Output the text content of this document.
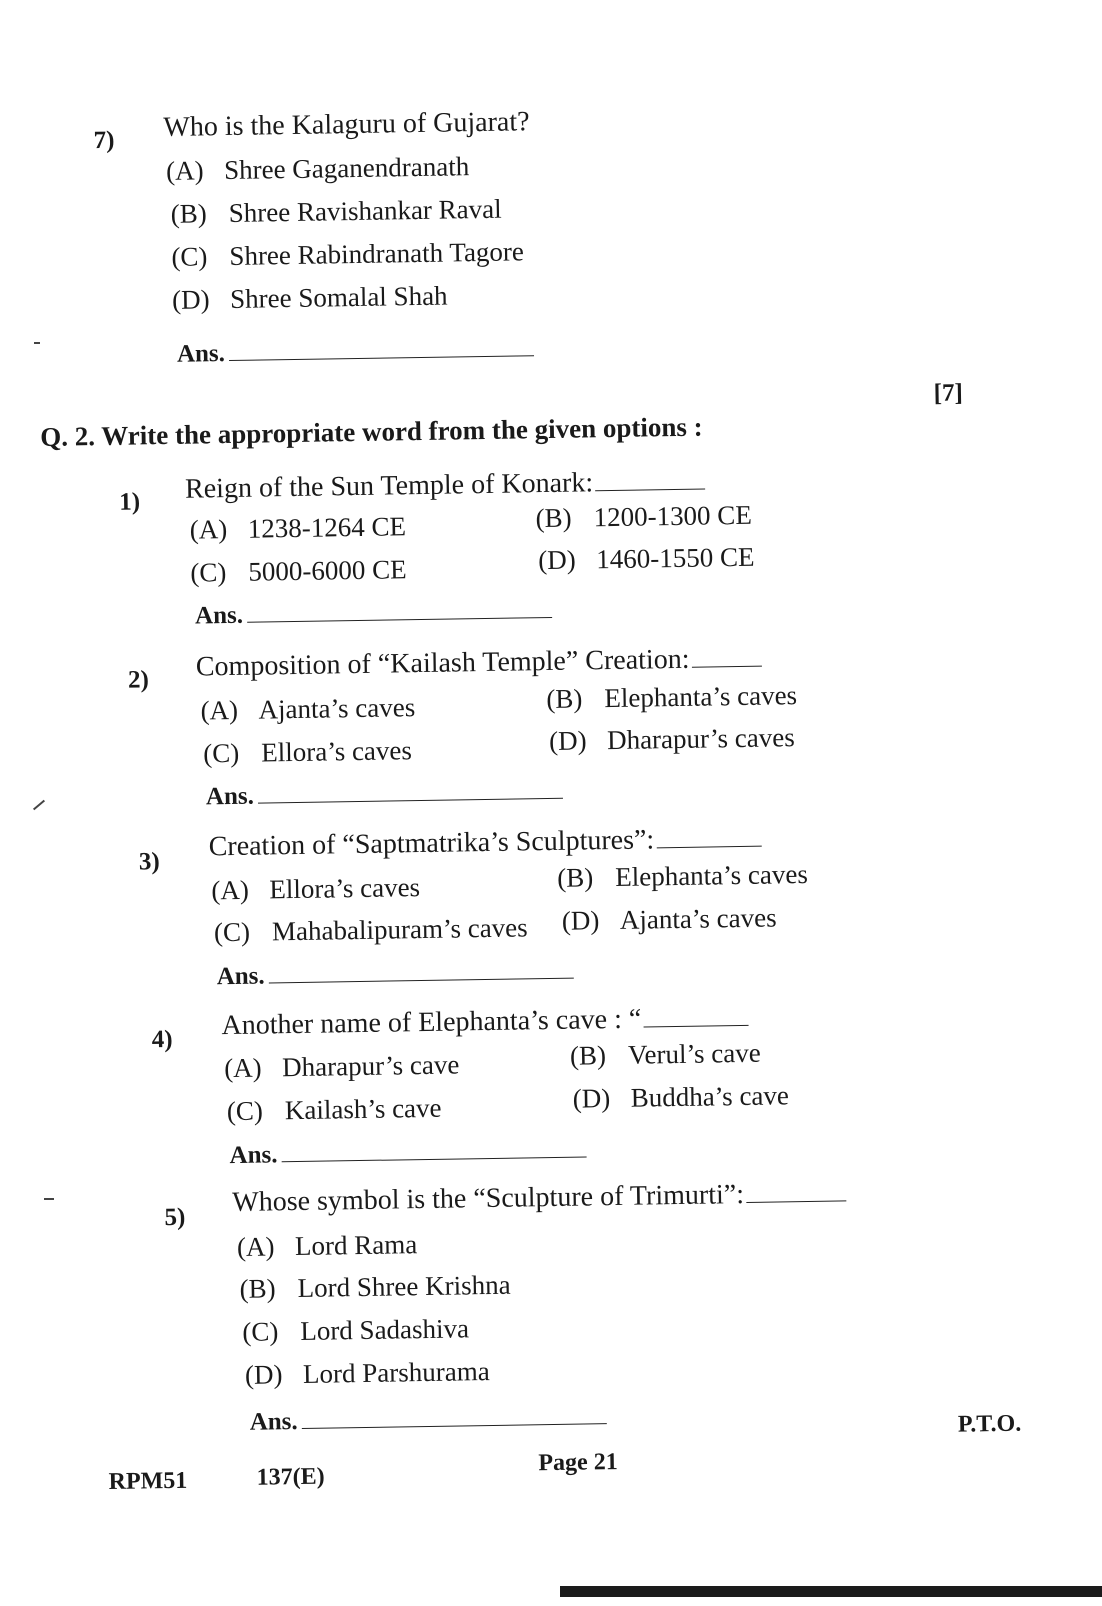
7) Who is the Kalaguru of Gujarat?
(A) Shree Gaganendranath
(B) Shree Ravishankar Raval
(C) Shree Rabindranath Tagore
(D) Shree Somalal Shah
Ans.
Q. 2. Write the appropriate word from the given options :
[7]
1) Reign of the Sun Temple of Konark:
(A) 1238-1264 CE	(B) 1200-1300 CE
(C) 5000-6000 CE	(D) 1460-1550 CE
Ans.
2) Composition of “Kailash Temple” Creation:
(A) Ajanta’s caves	(B) Elephanta’s caves
(C) Ellora’s caves	(D) Dharapur’s caves
Ans.
3) Creation of “Saptmatrika’s Sculptures”:
(A) Ellora’s caves	(B) Elephanta’s caves
(C) Mahabalipuram’s caves (D) Ajanta’s caves
Ans.
4) Another name of Elephanta’s cave : “
(A) Dharapur’s cave	(B) Verul’s cave
(C) Kailash’s cave	(D) Buddha’s cave
Ans.
5) Whose symbol is the “Sculpture of Trimurti”:
(A) Lord Rama
(B) Lord Shree Krishna
(C) Lord Sadashiva
(D) Lord Parshurama
Ans.
RPM51	137(E)
Page 21
P.T.O.
